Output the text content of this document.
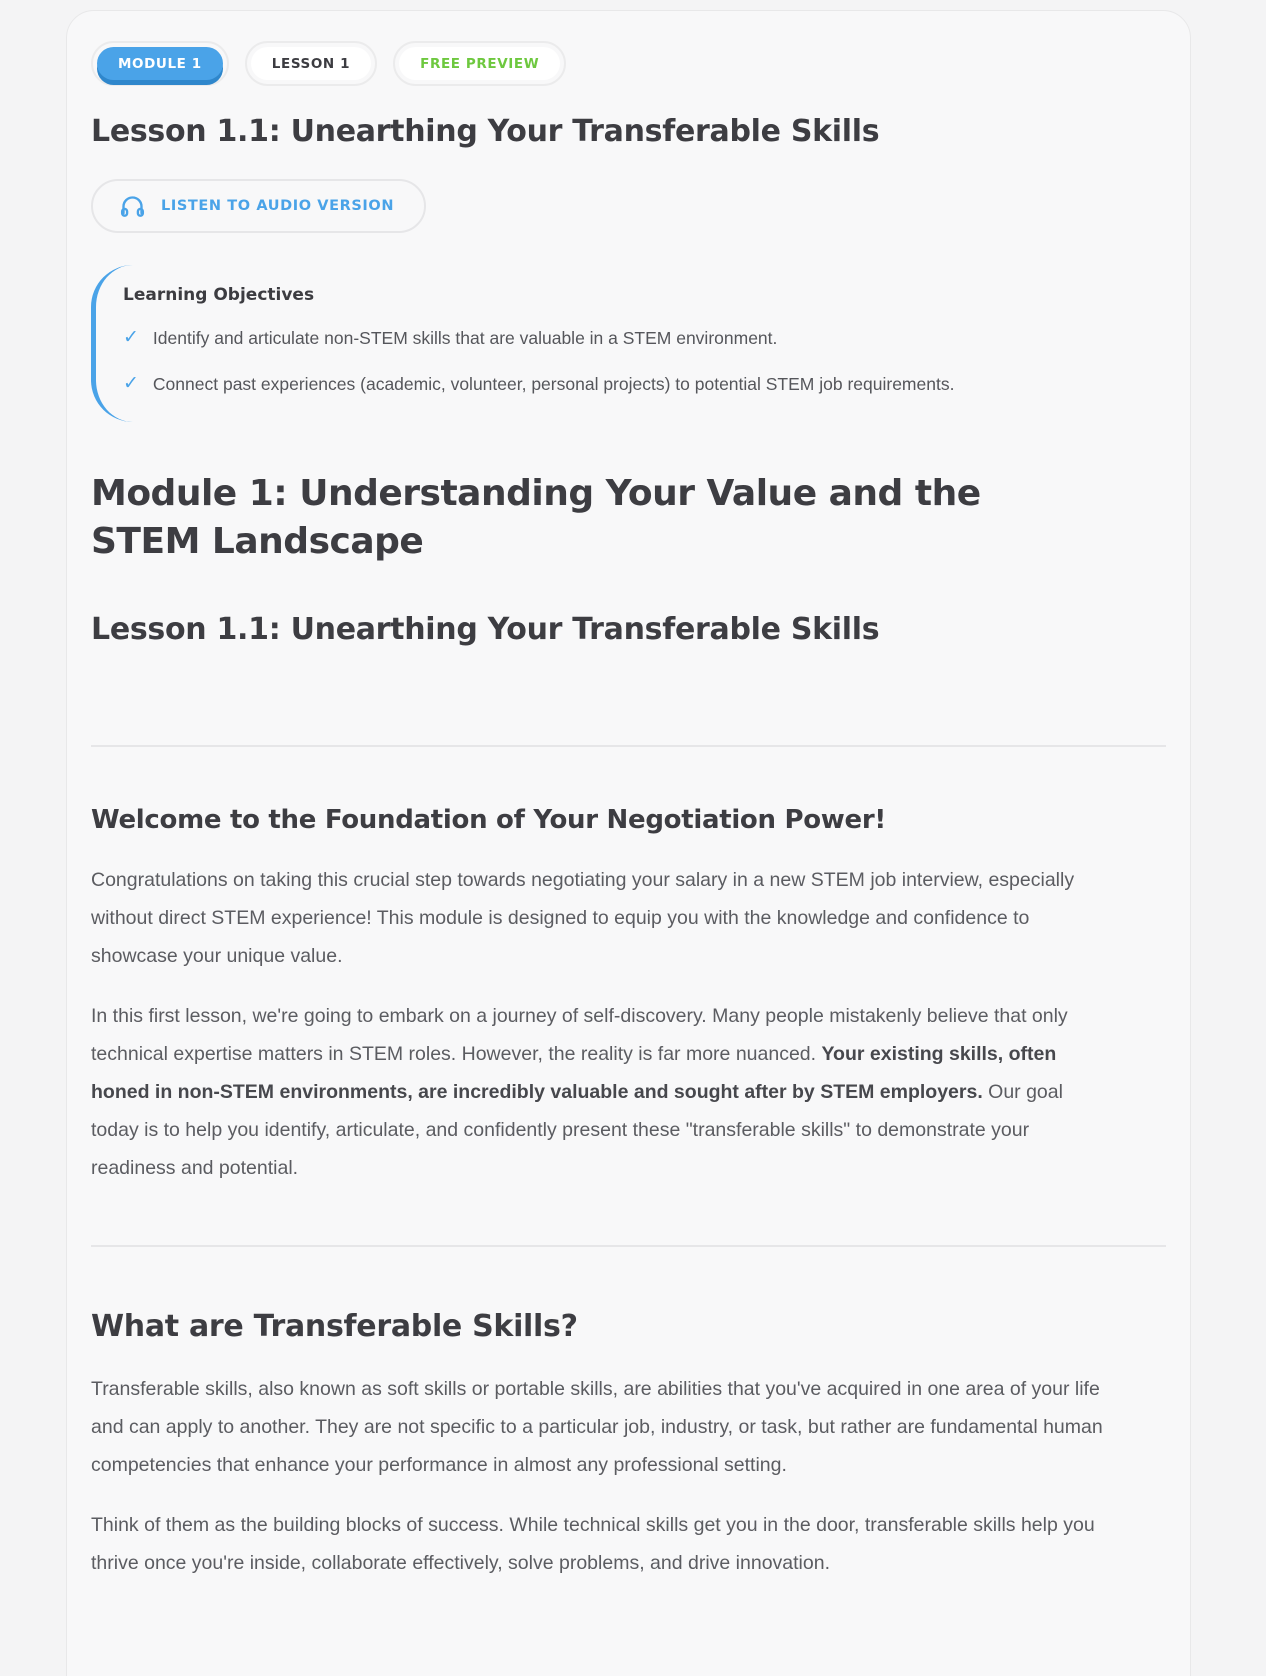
MODULE 1	LESSON 1	FREE PREVIEW
Lesson 1.1: Unearthing Your Transferable Skills
LISTEN TO AUDIO VERSION
Learning Objectives
✓ Identify and articulate non-STEM skills that are valuable in a STEM environment.
✓ Connect past experiences (academic, volunteer, personal projects) to potential STEM job requirements.
Module 1: Understanding Your Value and the STEM Landscape
Lesson 1.1: Unearthing Your Transferable Skills
Welcome to the Foundation of Your Negotiation Power!

Congratulations on taking this crucial step towards negotiating your salary in a new STEM job interview, especially without direct STEM experience! This module is designed to equip you with the knowledge and confidence to showcase your unique value.

In this first lesson, we're going to embark on a journey of self-discovery. Many people mistakenly believe that only technical expertise matters in STEM roles. However, the reality is far more nuanced. Your existing skills, often honed in non-STEM environments, are incredibly valuable and sought after by STEM employers. Our goal today is to help you identify, articulate, and confidently present these "transferable skills" to demonstrate your readiness and potential.

What are Transferable Skills?

Transferable skills, also known as soft skills or portable skills, are abilities that you've acquired in one area of your life and can apply to another. They are not specific to a particular job, industry, or task, but rather are fundamental human competencies that enhance your performance in almost any professional setting.

Think of them as the building blocks of success. While technical skills get you in the door, transferable skills help you thrive once you're inside, collaborate effectively, solve problems, and drive innovation.
